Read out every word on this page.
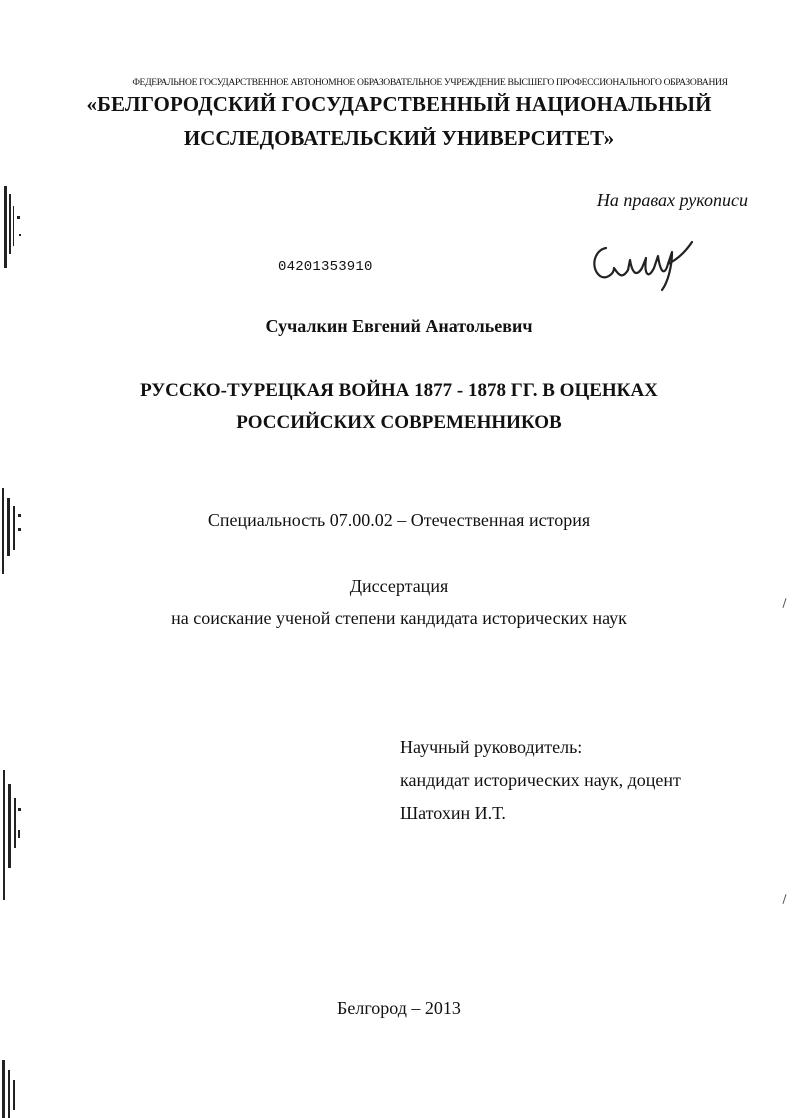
ФЕДЕРАЛЬНОЕ ГОСУДАРСТВЕННОЕ АВТОНОМНОЕ ОБРАЗОВАТЕЛЬНОЕ УЧРЕЖДЕНИЕ ВЫСШЕГО ПРОФЕССИОНАЛЬНОГО ОБРАЗОВАНИЯ

«БЕЛГОРОДСКИЙ ГОСУДАРСТВЕННЫЙ НАЦИОНАЛЬНЫЙ

ИССЛЕДОВАТЕЛЬСКИЙ УНИВЕРСИТЕТ»

На правах рукописи

04201353910

Сучалкин Евгений Анатольевич

РУССКО-ТУРЕЦКАЯ ВОЙНА 1877 - 1878 ГГ. В ОЦЕНКАХ

РОССИЙСКИХ СОВРЕМЕННИКОВ

Специальность 07.00.02 – Отечественная история

Диссертация

на соискание ученой степени кандидата исторических наук

Научный руководитель:

кандидат исторических наук, доцент

Шатохин И.Т.

Белгород – 2013
